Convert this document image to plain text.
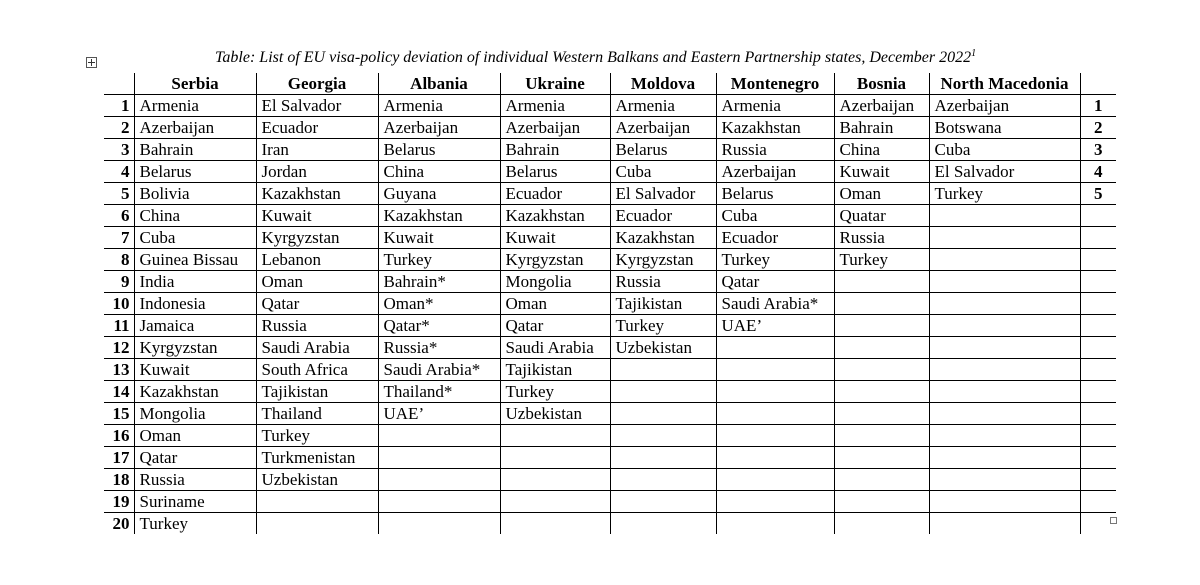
Table: List of EU visa-policy deviation of individual Western Balkans and Eastern Partnership states, December 2022$^1$
	Serbia	Georgia	Albania	Ukraine	Moldova	Montenegro	Bosnia	North Macedonia	
1	Armenia	El Salvador	Armenia	Armenia	Armenia	Armenia	Azerbaijan	Azerbaijan	1
2	Azerbaijan	Ecuador	Azerbaijan	Azerbaijan	Azerbaijan	Kazakhstan	Bahrain	Botswana	2
3	Bahrain	Iran	Belarus	Bahrain	Belarus	Russia	China	Cuba	3
4	Belarus	Jordan	China	Belarus	Cuba	Azerbaijan	Kuwait	El Salvador	4
5	Bolivia	Kazakhstan	Guyana	Ecuador	El Salvador	Belarus	Oman	Turkey	5
6	China	Kuwait	Kazakhstan	Kazakhstan	Ecuador	Cuba	Quatar		
7	Cuba	Kyrgyzstan	Kuwait	Kuwait	Kazakhstan	Ecuador	Russia		
8	Guinea Bissau	Lebanon	Turkey	Kyrgyzstan	Kyrgyzstan	Turkey	Turkey		
9	India	Oman	Bahrain*	Mongolia	Russia	Qatar			
10	Indonesia	Qatar	Oman*	Oman	Tajikistan	Saudi Arabia*			
11	Jamaica	Russia	Qatar*	Qatar	Turkey	UAE’			
12	Kyrgyzstan	Saudi Arabia	Russia*	Saudi Arabia	Uzbekistan				
13	Kuwait	South Africa	Saudi Arabia*	Tajikistan					
14	Kazakhstan	Tajikistan	Thailand*	Turkey					
15	Mongolia	Thailand	UAE’	Uzbekistan					
16	Oman	Turkey							
17	Qatar	Turkmenistan							
18	Russia	Uzbekistan							
19	Suriname								
20	Turkey								
